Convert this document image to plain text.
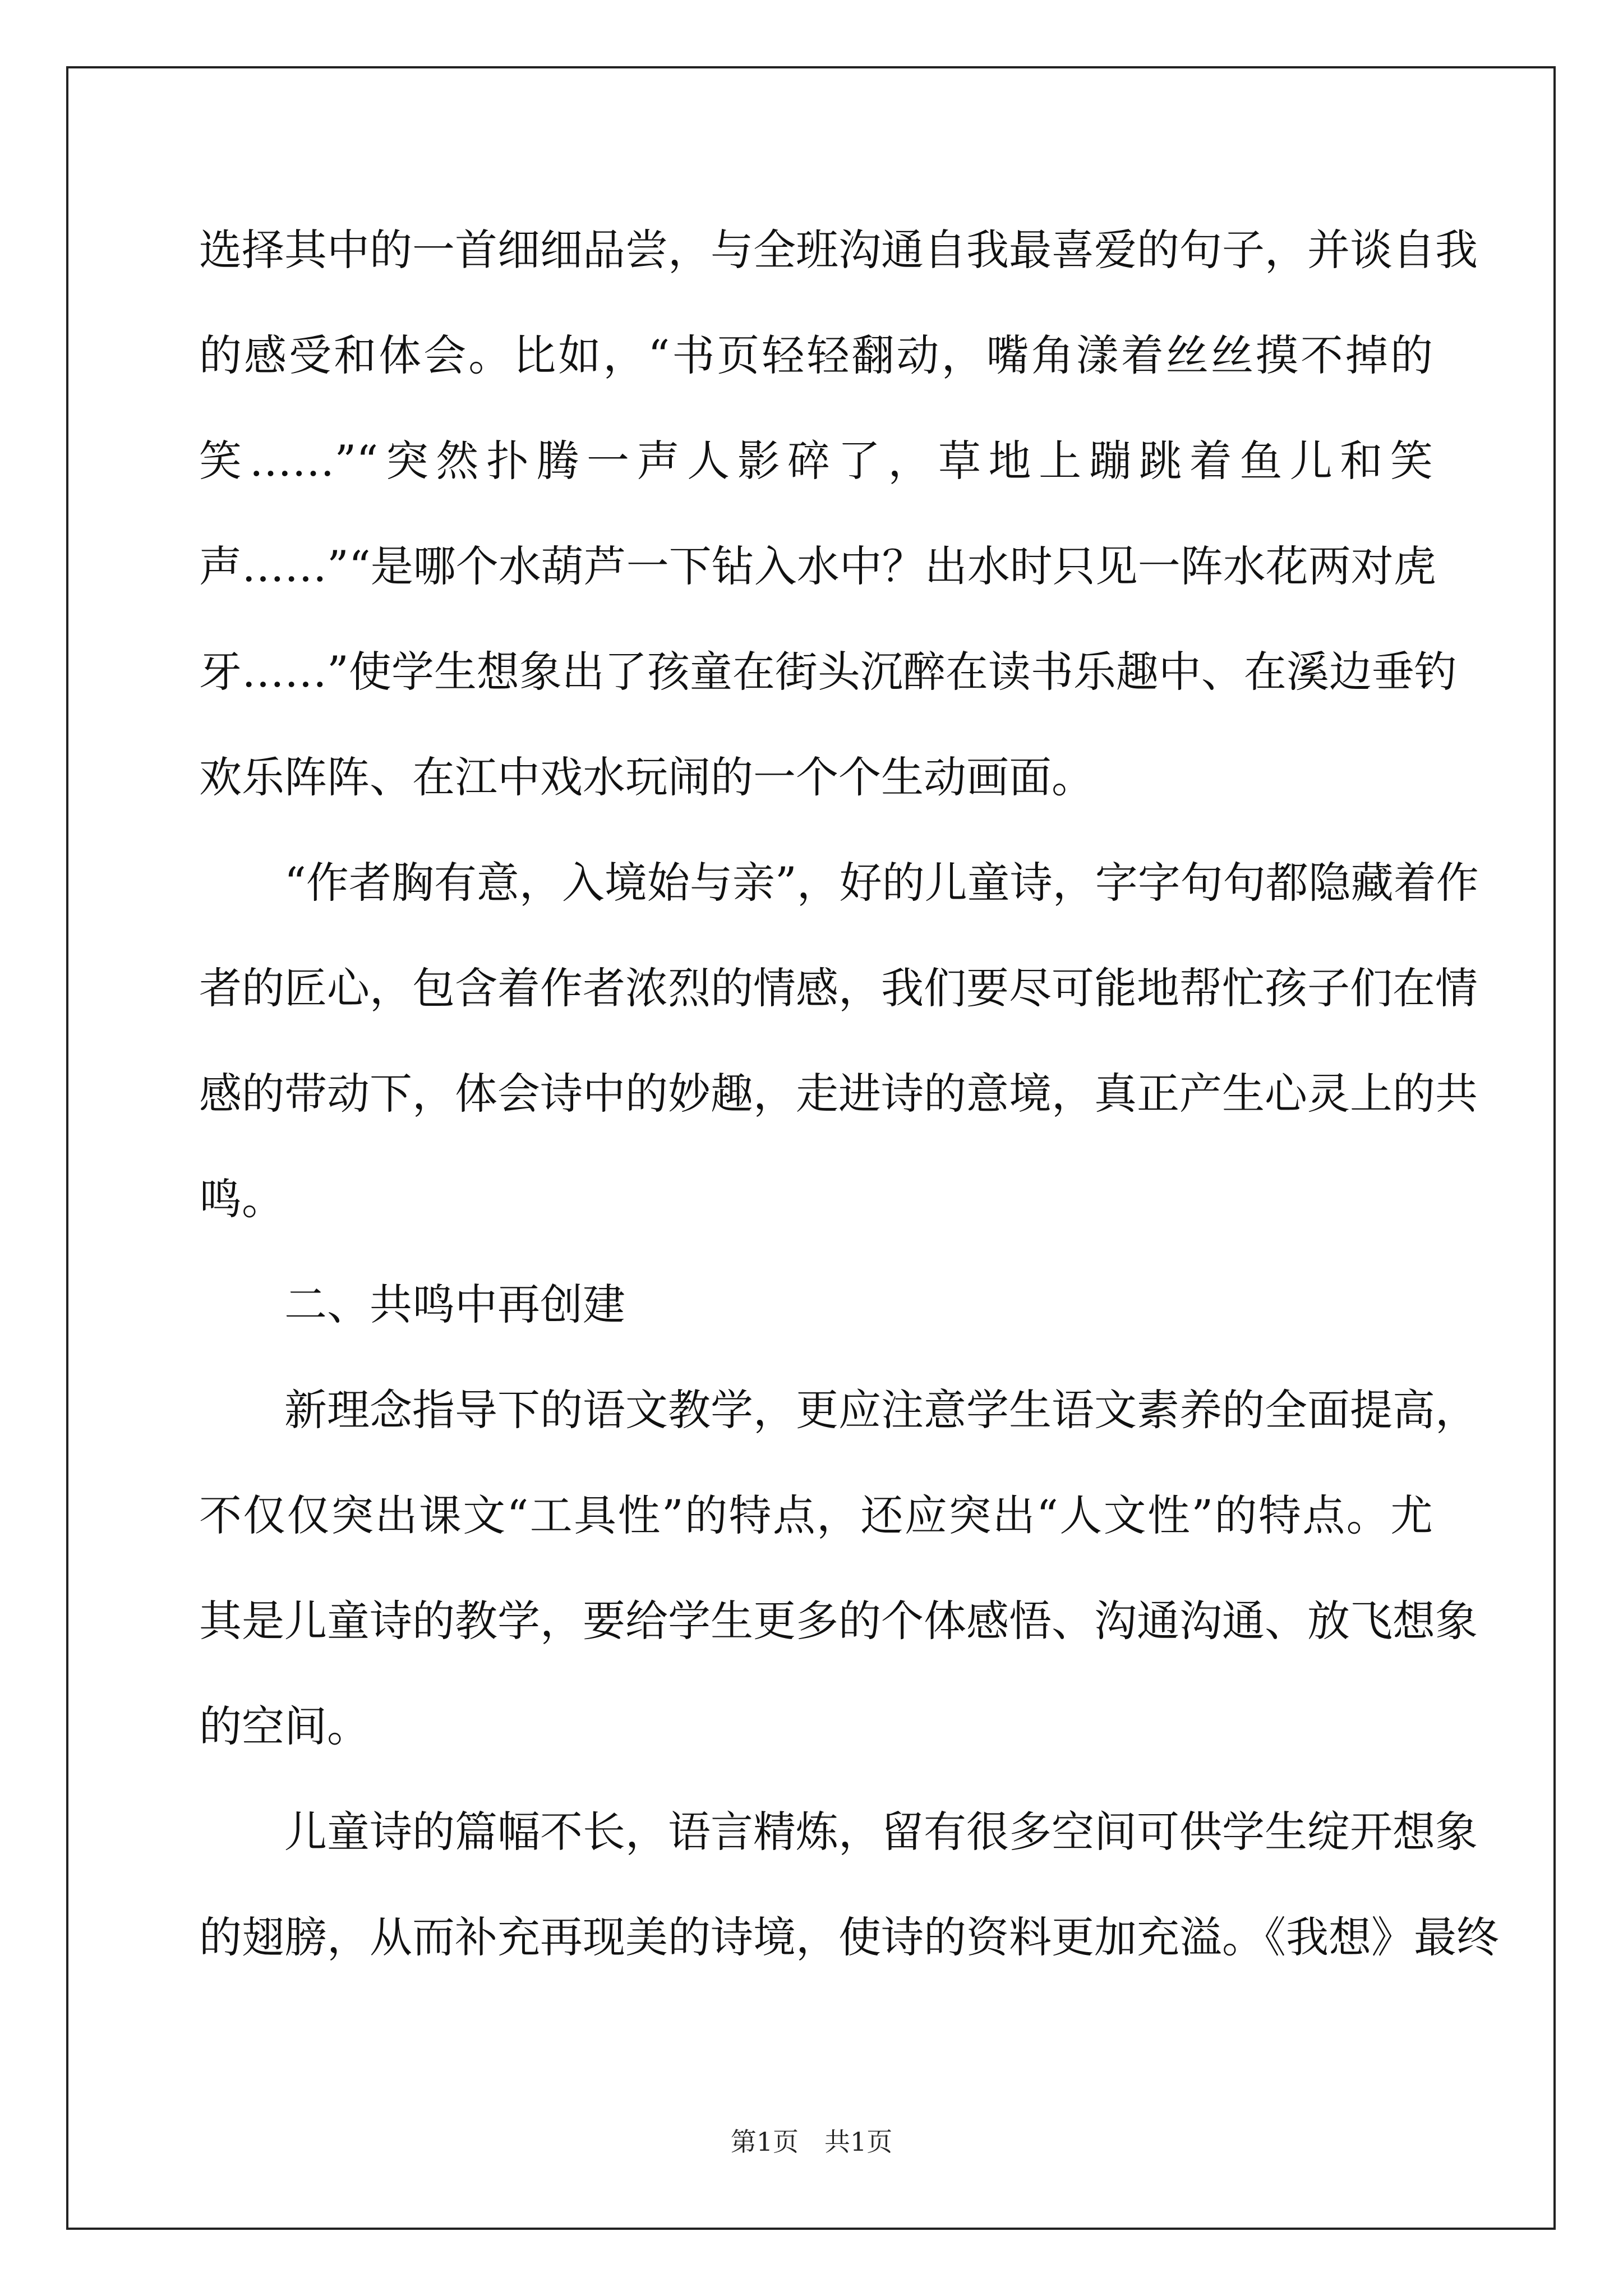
选择其中的一首细细品尝，与全班沟通自我最喜爱的句子，并谈自我
的感受和体会。比如，“书页轻轻翻动，嘴角漾着丝丝摸不掉的
笑……”“突然扑腾一声人影碎了，草地上蹦跳着鱼儿和笑
声……”“是哪个水葫芦一下钻入水中？出水时只见一阵水花两对虎
牙……”使学生想象出了孩童在街头沉醉在读书乐趣中、在溪边垂钓
欢乐阵阵、在江中戏水玩闹的一个个生动画面。
“作者胸有意，入境始与亲”，好的儿童诗，字字句句都隐藏着作
者的匠心，包含着作者浓烈的情感，我们要尽可能地帮忙孩子们在情
感的带动下，体会诗中的妙趣，走进诗的意境，真正产生心灵上的共
鸣。
二、共鸣中再创建
新理念指导下的语文教学，更应注意学生语文素养的全面提高，
不仅仅突出课文“工具性”的特点，还应突出“人文性”的特点。尤
其是儿童诗的教学，要给学生更多的个体感悟、沟通沟通、放飞想象
的空间。
儿童诗的篇幅不长，语言精炼，留有很多空间可供学生绽开想象
的翅膀，从而补充再现美的诗境，使诗的资料更加充溢。《我想》最终
第1页　共1页
